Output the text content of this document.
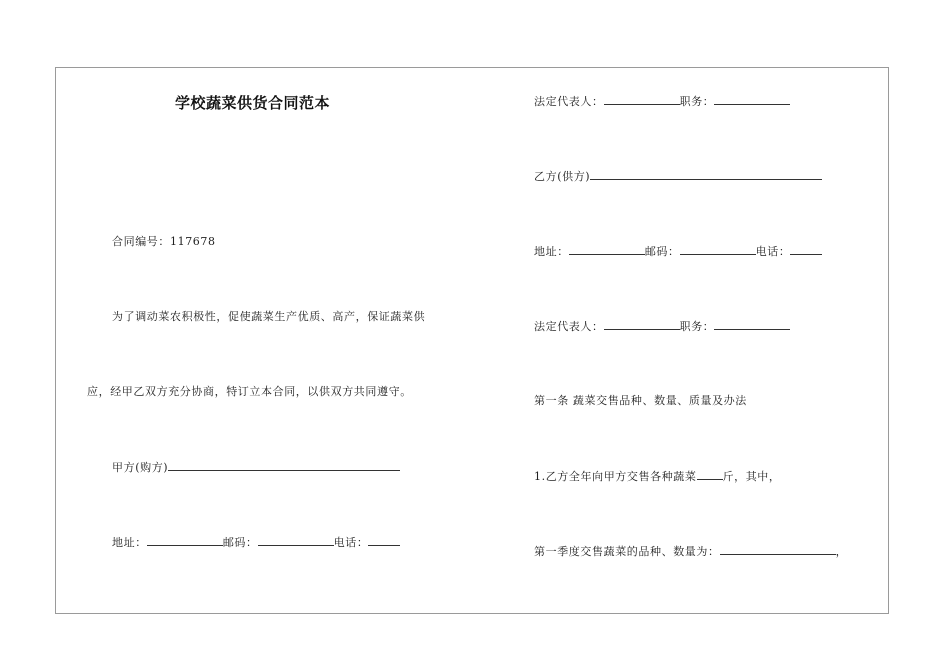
学校蔬菜供货合同范本
合同编号：117678
为了调动菜农积极性，促使蔬菜生产优质、高产，保证蔬菜供
应，经甲乙双方充分协商，特订立本合同，以供双方共同遵守。
甲方(购方)
地址：	邮码：	电话：
法定代表人：	职务：
乙方(供方)
地址：	邮码：	电话：
法定代表人：	职务：
第一条 蔬菜交售品种、数量、质量及办法
1.乙方全年向甲方交售各种蔬菜 斤，其中，
第一季度交售蔬菜的品种、数量为：	，
